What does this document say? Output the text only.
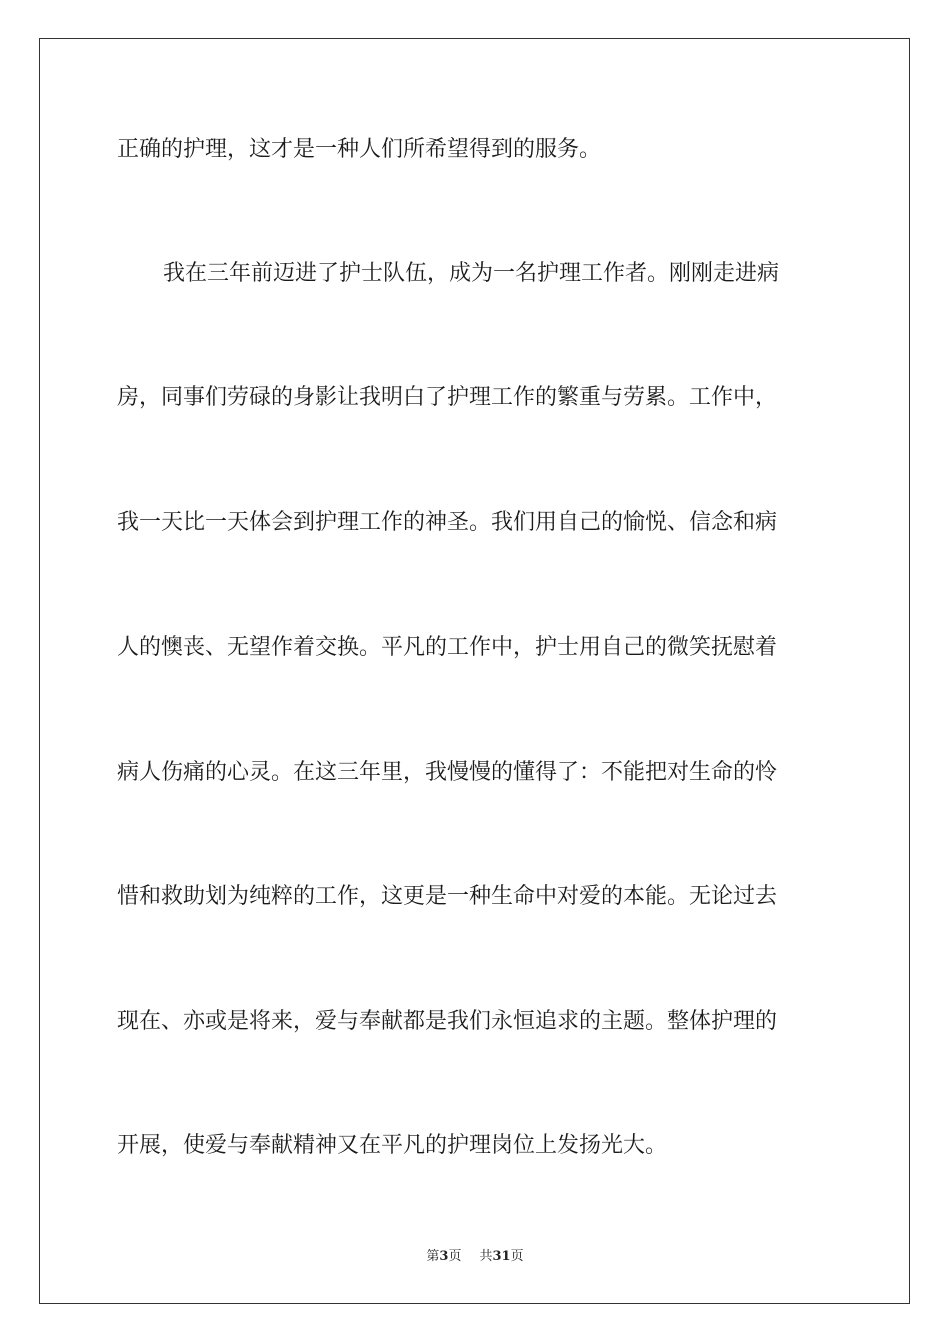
正确的护理，这才是一种人们所希望得到的服务。
我在三年前迈进了护士队伍，成为一名护理工作者。刚刚走进病
房，同事们劳碌的身影让我明白了护理工作的繁重与劳累。工作中，
我一天比一天体会到护理工作的神圣。我们用自己的愉悦、信念和病
人的懊丧、无望作着交换。平凡的工作中，护士用自己的微笑抚慰着
病人伤痛的心灵。在这三年里，我慢慢的懂得了：不能把对生命的怜
惜和救助划为纯粹的工作，这更是一种生命中对爱的本能。无论过去
现在、亦或是将来，爱与奉献都是我们永恒追求的主题。整体护理的
开展，使爱与奉献精神又在平凡的护理岗位上发扬光大。
第3页 共31页
